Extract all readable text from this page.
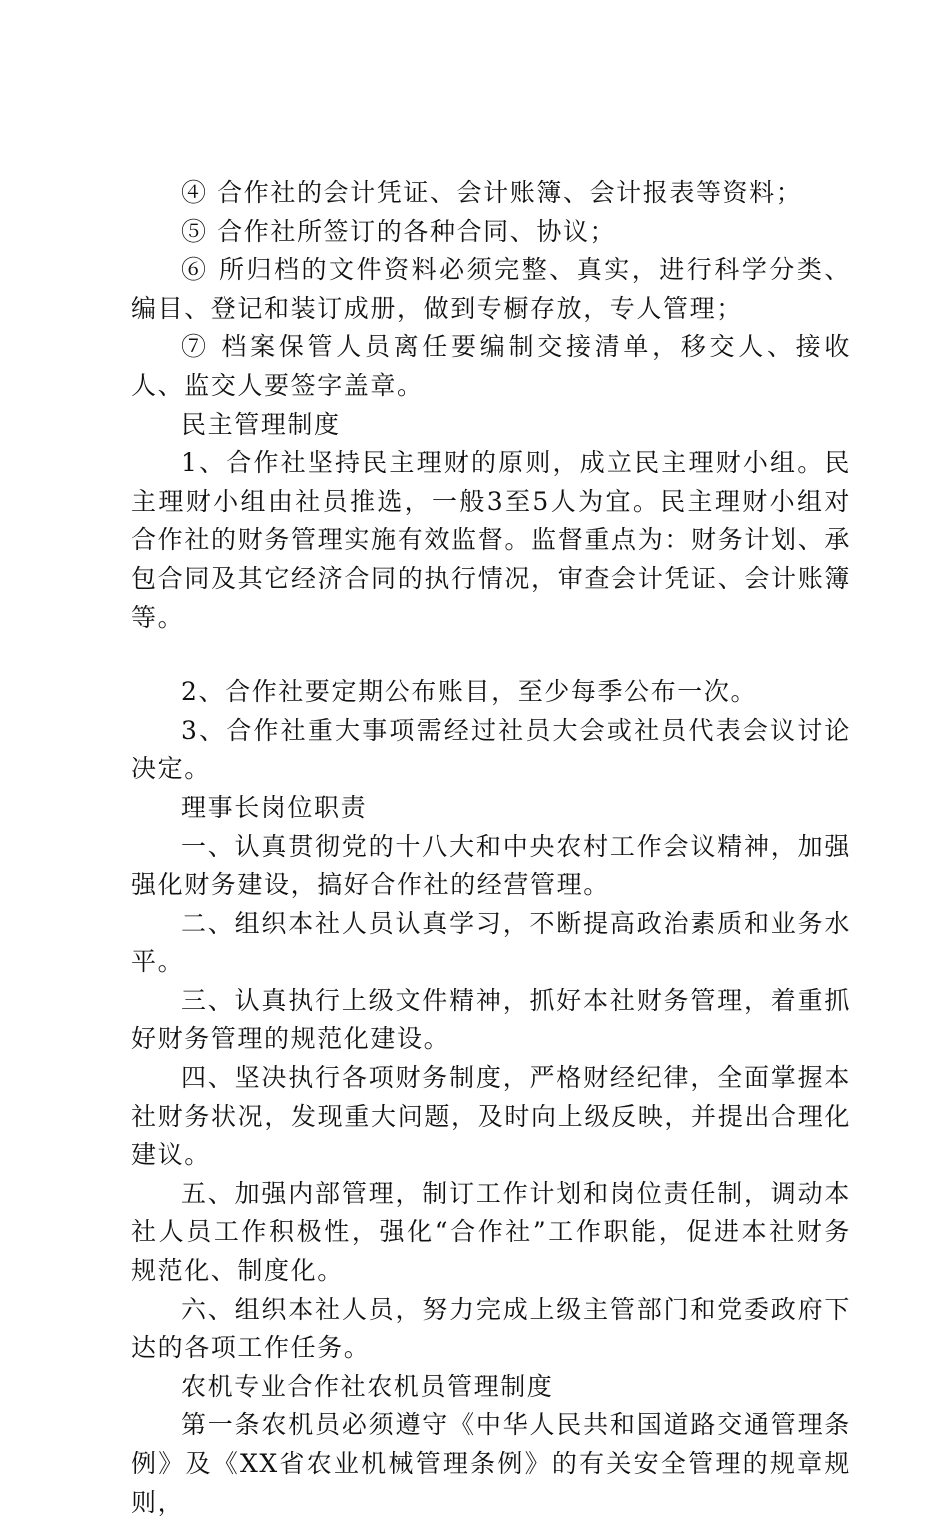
④ 合作社的会计凭证、会计账簿、会计报表等资料；

⑤ 合作社所签订的各种合同、协议；

⑥ 所归档的文件资料必须完整、真实，进行科学分类、编目、登记和装订成册，做到专橱存放，专人管理；

⑦ 档案保管人员离任要编制交接清单，移交人、接收人、监交人要签字盖章。

民主管理制度

1、合作社坚持民主理财的原则，成立民主理财小组。民主理财小组由社员推选，一般3至5人为宜。民主理财小组对合作社的财务管理实施有效监督。监督重点为：财务计划、承包合同及其它经济合同的执行情况，审查会计凭证、会计账簿等。

2、合作社要定期公布账目，至少每季公布一次。

3、合作社重大事项需经过社员大会或社员代表会议讨论决定。

理事长岗位职责

一、认真贯彻党的十八大和中央农村工作会议精神，加强强化财务建设，搞好合作社的经营管理。

二、组织本社人员认真学习，不断提高政治素质和业务水平。

三、认真执行上级文件精神，抓好本社财务管理，着重抓好财务管理的规范化建设。

四、坚决执行各项财务制度，严格财经纪律，全面掌握本社财务状况，发现重大问题，及时向上级反映，并提出合理化建议。

五、加强内部管理，制订工作计划和岗位责任制，调动本社人员工作积极性，强化“合作社”工作职能，促进本社财务规范化、制度化。

六、组织本社人员，努力完成上级主管部门和党委政府下达的各项工作任务。

农机专业合作社农机员管理制度

第一条农机员必须遵守《中华人民共和国道路交通管理条例》及《XX省农业机械管理条例》的有关安全管理的规章规则，
